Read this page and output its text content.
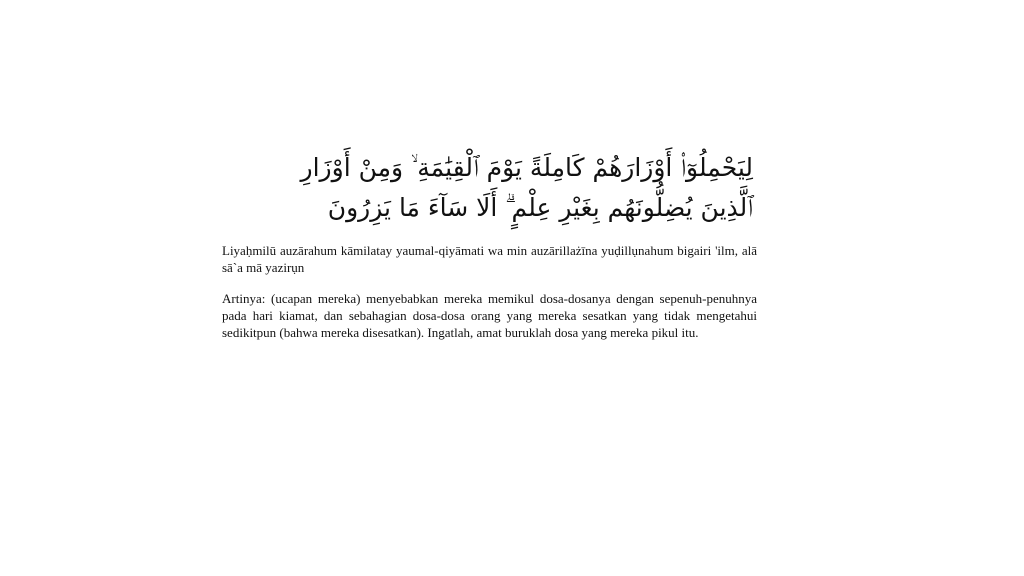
لِيَحْمِلُوٓا۟ أَوْزَارَهُمْ كَامِلَةً يَوْمَ ٱلْقِيَٰمَةِ ۙ وَمِنْ أَوْزَارِ
ٱلَّذِينَ يُضِلُّونَهُم بِغَيْرِ عِلْمٍ ۗ أَلَا سَآءَ مَا يَزِرُونَ

Liyaḥmilū auzārahum kāmilatay yaumal-qiyāmati wa min auzārillażīna yuḍillụnahum bigairi 'ilm, alā sā`a mā yazirụn

Artinya: (ucapan mereka) menyebabkan mereka memikul dosa-dosanya dengan sepenuh-penuhnya pada hari kiamat, dan sebahagian dosa-dosa orang yang mereka sesatkan yang tidak mengetahui sedikitpun (bahwa mereka disesatkan). Ingatlah, amat buruklah dosa yang mereka pikul itu.
